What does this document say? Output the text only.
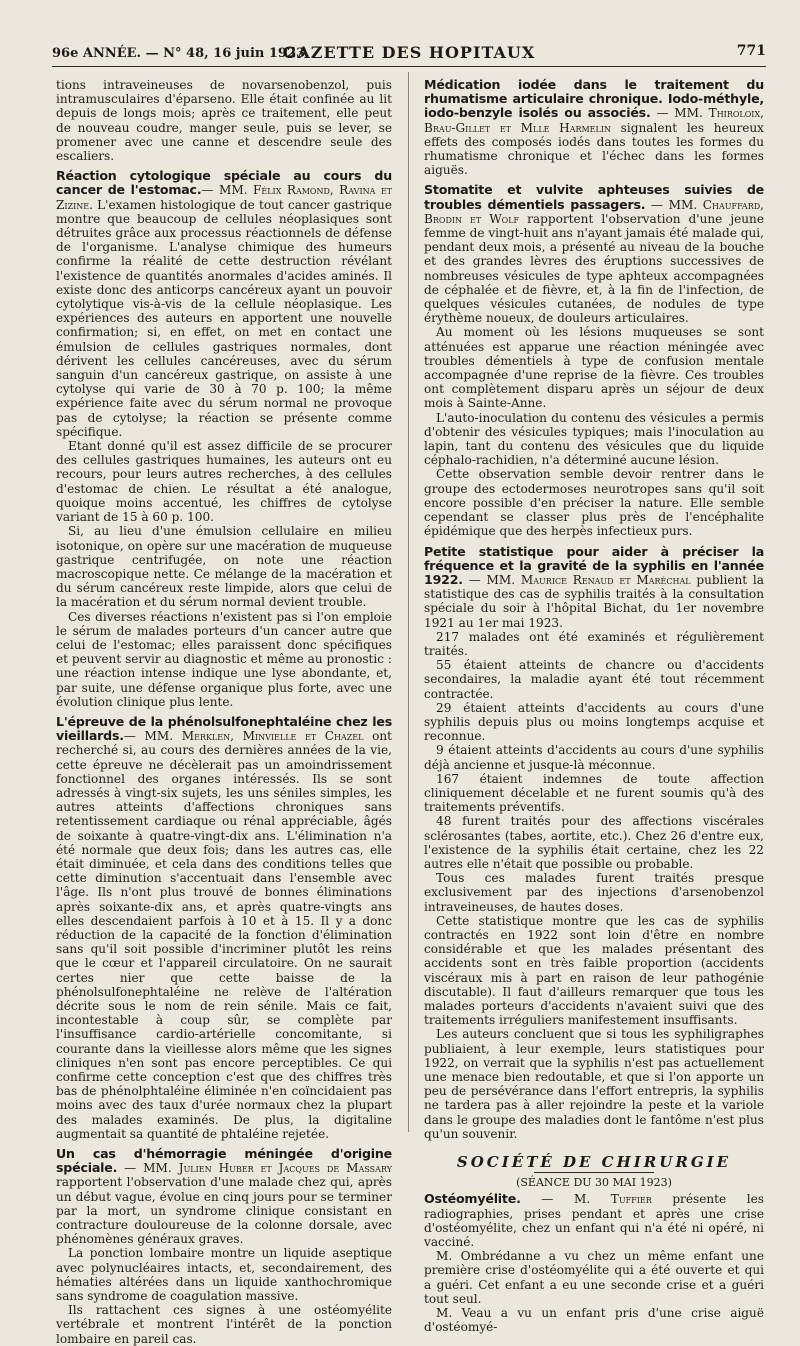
96e ANNÉE. — N° 48, 16 juin 1923.
GAZETTE DES HOPITAUX	771

tions intraveineuses de novarsenobenzol, puis intramusculaires d'éparseno. Elle était confinée au lit depuis de longs mois; après ce traitement, elle peut de nouveau coudre, manger seule, puis se lever, se promener avec une canne et descendre seule des escaliers.

Réaction cytologique spéciale au cours du cancer de l'estomac.— MM. Félix Ramond, Ravina et Zizine. L'examen histologique de tout cancer gastrique montre que beaucoup de cellules néoplasiques sont détruites grâce aux processus réactionnels de défense de l'organisme. L'analyse chimique des humeurs confirme la réalité de cette destruction révélant l'existence de quantités anormales d'acides aminés. Il existe donc des anticorps cancéreux ayant un pouvoir cytolytique vis-à-vis de la cellule néoplasique. Les expériences des auteurs en apportent une nouvelle confirmation; si, en effet, on met en contact une émulsion de cellules gastriques normales, dont dérivent les cellules cancéreuses, avec du sérum sanguin d'un cancéreux gastrique, on assiste à une cytolyse qui varie de 30 à 70 p. 100; la même expérience faite avec du sérum normal ne provoque pas de cytolyse; la réaction se présente comme spécifique.

Etant donné qu'il est assez difficile de se procurer des cellules gastriques humaines, les auteurs ont eu recours, pour leurs autres recherches, à des cellules d'estomac de chien. Le résultat a été analogue, quoique moins accentué, les chiffres de cytolyse variant de 15 à 60 p. 100.

Si, au lieu d'une émulsion cellulaire en milieu isotonique, on opère sur une macération de muqueuse gastrique centrifugée, on note une réaction macroscopique nette. Ce mélange de la macération et du sérum cancéreux reste limpide, alors que celui de la macération et du sérum normal devient trouble.

Ces diverses réactions n'existent pas si l'on emploie le sérum de malades porteurs d'un cancer autre que celui de l'estomac; elles paraissent donc spécifiques et peuvent servir au diagnostic et même au pronostic : une réaction intense indique une lyse abondante, et, par suite, une défense organique plus forte, avec une évolution clinique plus lente.

L'épreuve de la phénolsulfonephtaléine chez les vieillards.— MM. Merklen, Minvielle et Chazel ont recherché si, au cours des dernières années de la vie, cette épreuve ne décèlerait pas un amoindrissement fonctionnel des organes intéressés. Ils se sont adressés à vingt-six sujets, les uns séniles simples, les autres atteints d'affections chroniques sans retentissement cardiaque ou rénal appréciable, âgés de soixante à quatre-vingt-dix ans. L'élimination n'a été normale que deux fois; dans les autres cas, elle était diminuée, et cela dans des conditions telles que cette diminution s'accentuait dans l'ensemble avec l'âge. Ils n'ont plus trouvé de bonnes éliminations après soixante-dix ans, et après quatre-vingts ans elles descendaient parfois à 10 et à 15. Il y a donc réduction de la capacité de la fonction d'élimination sans qu'il soit possible d'incriminer plutôt les reins que le cœur et l'appareil circulatoire. On ne saurait certes nier que cette baisse de la phénolsulfonephtaléine ne relève de l'altération décrite sous le nom de rein sénile. Mais ce fait, incontestable à coup sûr, se complète par l'insuffisance cardio-artérielle concomitante, si courante dans la vieillesse alors même que les signes cliniques n'en sont pas encore perceptibles. Ce qui confirme cette conception c'est que des chiffres très bas de phénolphtaléine éliminée n'en coïncidaient pas moins avec des taux d'urée normaux chez la plupart des malades examinés. De plus, la digitaline augmentait sa quantité de phtaléine rejetée.

Un cas d'hémorragie méningée d'origine spéciale. — MM. Julien Huber et Jacques de Massary rapportent l'observation d'une malade chez qui, après un début vague, évolue en cinq jours pour se terminer par la mort, un syndrome clinique consistant en contracture douloureuse de la colonne dorsale, avec phénomènes généraux graves.

La ponction lombaire montre un liquide aseptique avec polynucléaires intacts, et, secondairement, des hématies altérées dans un liquide xanthochromique sans syndrome de coagulation massive.

Ils rattachent ces signes à une ostéomyélite vertébrale et montrent l'intérêt de la ponction lombaire en pareil cas.

Médication iodée dans le traitement du rhumatisme articulaire chronique. Iodo-méthyle, iodo-benzyle isolés ou associés. — MM. Thiroloix, Brau-Gillet et Mlle Harmelin signalent les heureux effets des composés iodés dans toutes les formes du rhumatisme chronique et l'échec dans les formes aiguës.

Stomatite et vulvite aphteuses suivies de troubles démentiels passagers. — MM. Chauffard, Brodin et Wolf rapportent l'observation d'une jeune femme de vingt-huit ans n'ayant jamais été malade qui, pendant deux mois, a présenté au niveau de la bouche et des grandes lèvres des éruptions successives de nombreuses vésicules de type aphteux accompagnées de céphalée et de fièvre, et, à la fin de l'infection, de quelques vésicules cutanées, de nodules de type érythème noueux, de douleurs articulaires.

Au moment où les lésions muqueuses se sont atténuées est apparue une réaction méningée avec troubles démentiels à type de confusion mentale accompagnée d'une reprise de la fièvre. Ces troubles ont complètement disparu après un séjour de deux mois à Sainte-Anne.

L'auto-inoculation du contenu des vésicules a permis d'obtenir des vésicules typiques; mais l'inoculation au lapin, tant du contenu des vésicules que du liquide céphalo-rachidien, n'a déterminé aucune lésion.

Cette observation semble devoir rentrer dans le groupe des ectodermoses neurotropes sans qu'il soit encore possible d'en préciser la nature. Elle semble cependant se classer plus près de l'encéphalite épidémique que des herpès infectieux purs.

Petite statistique pour aider à préciser la fréquence et la gravité de la syphilis en l'année 1922. — MM. Maurice Renaud et Maréchal publient la statistique des cas de syphilis traités à la consultation spéciale du soir à l'hôpital Bichat, du 1er novembre 1921 au 1er mai 1923.

217 malades ont été examinés et régulièrement traités.

55 étaient atteints de chancre ou d'accidents secondaires, la maladie ayant été tout récemment contractée.

29 étaient atteints d'accidents au cours d'une syphilis depuis plus ou moins longtemps acquise et reconnue.

9 étaient atteints d'accidents au cours d'une syphilis déjà ancienne et jusque-là méconnue.

167 étaient indemnes de toute affection cliniquement décelable et ne furent soumis qu'à des traitements préventifs.

48 furent traités pour des affections viscérales sclérosantes (tabes, aortite, etc.). Chez 26 d'entre eux, l'existence de la syphilis était certaine, chez les 22 autres elle n'était que possible ou probable.

Tous ces malades furent traités presque exclusivement par des injections d'arsenobenzol intraveineuses, de hautes doses.

Cette statistique montre que les cas de syphilis contractés en 1922 sont loin d'être en nombre considérable et que les malades présentant des accidents sont en très faible proportion (accidents viscéraux mis à part en raison de leur pathogénie discutable). Il faut d'ailleurs remarquer que tous les malades porteurs d'accidents n'avaient suivi que des traitements irréguliers manifestement insuffisants.

Les auteurs concluent que si tous les syphiligraphes publiaient, à leur exemple, leurs statistiques pour 1922, on verrait que la syphilis n'est pas actuellement une menace bien redoutable, et que si l'on apporte un peu de persévérance dans l'effort entrepris, la syphilis ne tardera pas à aller rejoindre la peste et la variole dans le groupe des maladies dont le fantôme n'est plus qu'un souvenir.

SOCIÉTÉ DE CHIRURGIE
(SÉANCE DU 30 MAI 1923)

Ostéomyélite. — M. Tuffier présente les radiographies, prises pendant et après une crise d'ostéomyélite, chez un enfant qui n'a été ni opéré, ni vacciné.

M. Ombrédanne a vu chez un même enfant une première crise d'ostéomyélite qui a été ouverte et qui a guéri. Cet enfant a eu une seconde crise et a guéri tout seul.

M. Veau a vu un enfant pris d'une crise aiguë d'ostéomyé-
